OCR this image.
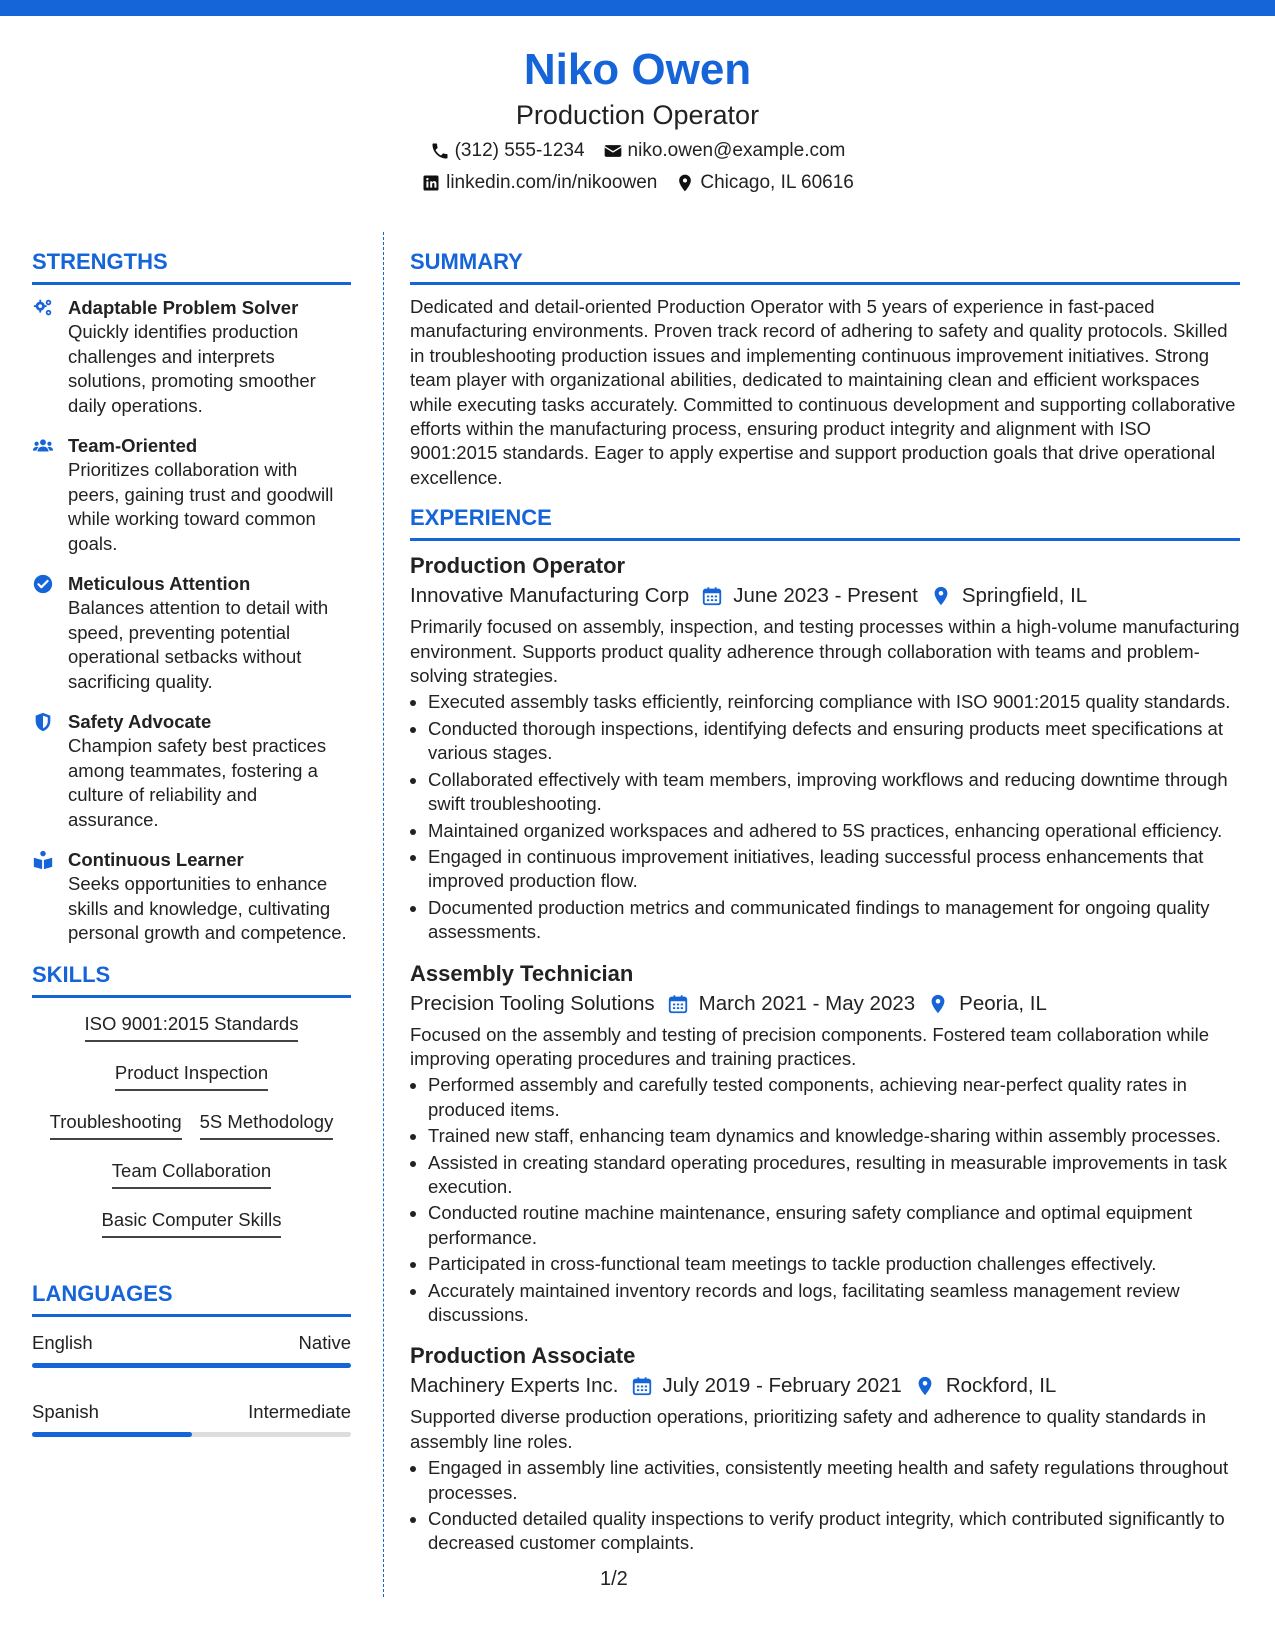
Niko Owen
Production Operator
(312) 555-1234 niko.owen@example.com
linkedin.com/in/nikoowen Chicago, IL 60616
STRENGTHS
Adaptable Problem Solver
Quickly identifies production challenges and interprets solutions, promoting smoother daily operations.
Team-Oriented
Prioritizes collaboration with peers, gaining trust and goodwill while working toward common goals.
Meticulous Attention
Balances attention to detail with speed, preventing potential operational setbacks without sacrificing quality.
Safety Advocate
Champion safety best practices among teammates, fostering a culture of reliability and assurance.
Continuous Learner
Seeks opportunities to enhance skills and knowledge, cultivating personal growth and competence.
SKILLS
ISO 9001:2015 Standards
Product Inspection
Troubleshooting 5S Methodology
Team Collaboration
Basic Computer Skills
LANGUAGES
English	Native
Spanish	Intermediate
SUMMARY
Dedicated and detail-oriented Production Operator with 5 years of experience in fast-paced manufacturing environments. Proven track record of adhering to safety and quality protocols. Skilled in troubleshooting production issues and implementing continuous improvement initiatives. Strong team player with organizational abilities, dedicated to maintaining clean and efficient workspaces while executing tasks accurately. Committed to continuous development and supporting collaborative efforts within the manufacturing process, ensuring product integrity and alignment with ISO 9001:2015 standards. Eager to apply expertise and support production goals that drive operational excellence.
EXPERIENCE
Production Operator
Innovative Manufacturing Corp June 2023 - Present Springfield, IL
Primarily focused on assembly, inspection, and testing processes within a high-volume manufacturing environment. Supports product quality adherence through collaboration with teams and problem-solving strategies.
• Executed assembly tasks efficiently, reinforcing compliance with ISO 9001:2015 quality standards.
• Conducted thorough inspections, identifying defects and ensuring products meet specifications at various stages.
• Collaborated effectively with team members, improving workflows and reducing downtime through swift troubleshooting.
• Maintained organized workspaces and adhered to 5S practices, enhancing operational efficiency.
• Engaged in continuous improvement initiatives, leading successful process enhancements that improved production flow.
• Documented production metrics and communicated findings to management for ongoing quality assessments.
Assembly Technician
Precision Tooling Solutions March 2021 - May 2023 Peoria, IL
Focused on the assembly and testing of precision components. Fostered team collaboration while improving operating procedures and training practices.
• Performed assembly and carefully tested components, achieving near-perfect quality rates in produced items.
• Trained new staff, enhancing team dynamics and knowledge-sharing within assembly processes.
• Assisted in creating standard operating procedures, resulting in measurable improvements in task execution.
• Conducted routine machine maintenance, ensuring safety compliance and optimal equipment performance.
• Participated in cross-functional team meetings to tackle production challenges effectively.
• Accurately maintained inventory records and logs, facilitating seamless management review discussions.
Production Associate
Machinery Experts Inc. July 2019 - February 2021 Rockford, IL
Supported diverse production operations, prioritizing safety and adherence to quality standards in assembly line roles.
• Engaged in assembly line activities, consistently meeting health and safety regulations throughout processes.
• Conducted detailed quality inspections to verify product integrity, which contributed significantly to decreased customer complaints.
1/2
